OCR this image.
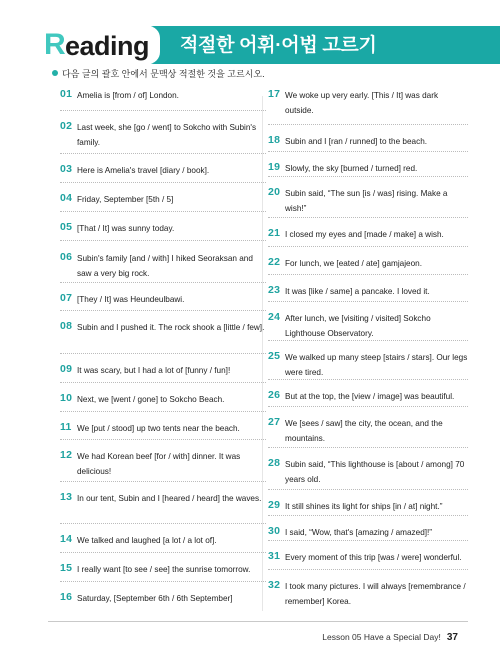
R eading 적절한 어휘·어법 고르기
다음 글의 괄호 안에서 문맥상 적절한 것을 고르시오.
01 Amelia is [from / of] London.
02 Last week, she [go / went] to Sokcho with Subin's family.
03 Here is Amelia's travel [diary / book].
04 Friday, September [5th / 5]
05 [That / It] was sunny today.
06 Subin's family [and / with] I hiked Seoraksan and saw a very big rock.
07 [They / It] was Heundeulbawi.
08 Subin and I pushed it. The rock shook a [little / few].
09 It was scary, but I had a lot of [funny / fun]!
10 Next, we [went / gone] to Sokcho Beach.
11 We [put / stood] up two tents near the beach.
12 We had Korean beef [for / with] dinner. It was delicious!
13 In our tent, Subin and I [heared / heard] the waves.
14 We talked and laughed [a lot / a lot of].
15 I really want [to see / see] the sunrise tomorrow.
16 Saturday, [September 6th / 6th September]
17 We woke up very early. [This / It] was dark outside.
18 Subin and I [ran / runned] to the beach.
19 Slowly, the sky [burned / turned] red.
20 Subin said, “The sun [is / was] rising. Make a wish!”
21 I closed my eyes and [made / make] a wish.
22 For lunch, we [eated / ate] gamjajeon.
23 It was [like / same] a pancake. I loved it.
24 After lunch, we [visiting / visited] Sokcho Lighthouse Observatory.
25 We walked up many steep [stairs / stars]. Our legs were tired.
26 But at the top, the [view / image] was beautiful.
27 We [sees / saw] the city, the ocean, and the mountains.
28 Subin said, “This lighthouse is [about / among] 70 years old.
29 It still shines its light for ships [in / at] night.”
30 I said, “Wow, that's [amazing / amazed]!”
31 Every moment of this trip [was / were] wonderful.
32 I took many pictures. I will always [remembrance / remember] Korea.
Lesson 05 Have a Special Day! 37
